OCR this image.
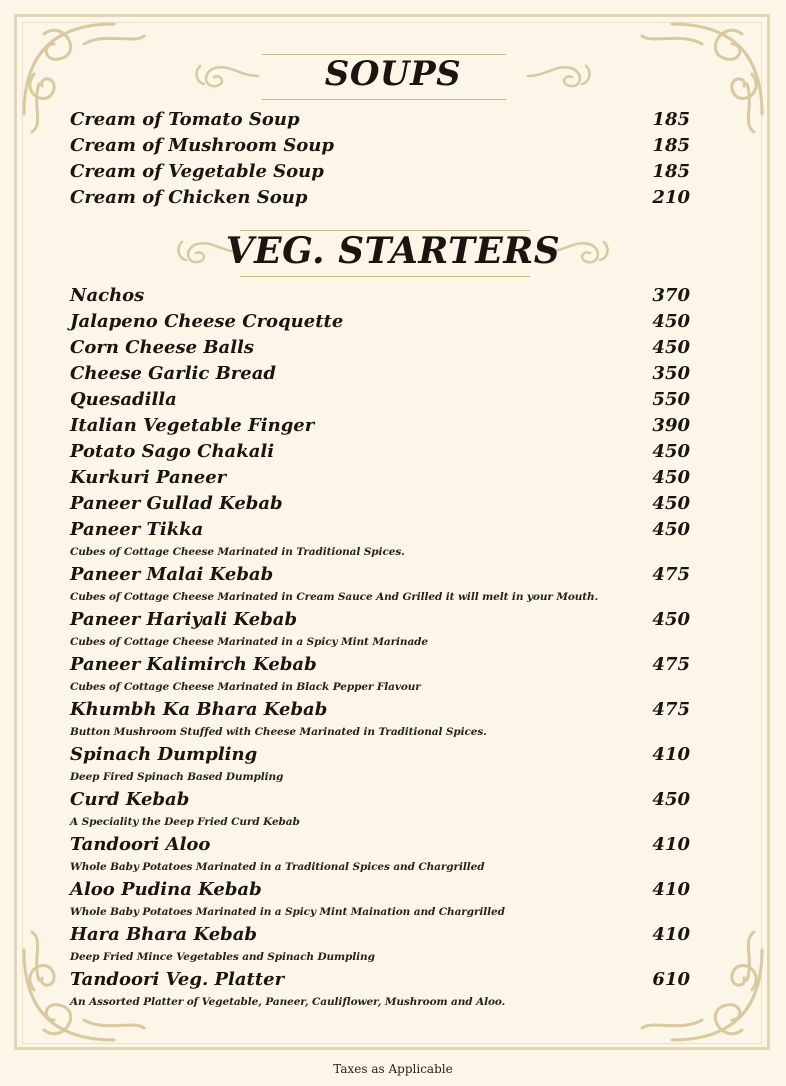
SOUPS
Cream of Tomato Soup	185
Cream of Mushroom Soup	185
Cream of Vegetable Soup	185
Cream of Chicken Soup	210
VEG. STARTERS
Nachos	370
Jalapeno Cheese Croquette	450
Corn Cheese Balls	450
Cheese Garlic Bread	350
Quesadilla	550
Italian Vegetable Finger	390
Potato Sago Chakali	450
Kurkuri Paneer	450
Paneer Gullad Kebab	450
Paneer Tikka	450
Cubes of Cottage Cheese Marinated in Traditional Spices.
Paneer Malai Kebab	475
Cubes of Cottage Cheese Marinated in Cream Sauce And Grilled it will melt in your Mouth.
Paneer Hariyali Kebab	450
Cubes of Cottage Cheese Marinated in a Spicy Mint Marinade
Paneer Kalimirch Kebab	475
Cubes of Cottage Cheese Marinated in Black Pepper Flavour
Khumbh Ka Bhara Kebab	475
Button Mushroom Stuffed with Cheese Marinated in Traditional Spices.
Spinach Dumpling	410
Deep Fired Spinach Based Dumpling
Curd Kebab	450
A Speciality the Deep Fried Curd Kebab
Tandoori Aloo	410
Whole Baby Potatoes Marinated in a Traditional Spices and Chargrilled
Aloo Pudina Kebab	410
Whole Baby Potatoes Marinated in a Spicy Mint Maination and Chargrilled
Hara Bhara Kebab	410
Deep Fried Mince Vegetables and Spinach Dumpling
Tandoori Veg. Platter	610
An Assorted Platter of Vegetable, Paneer, Cauliflower, Mushroom and Aloo.
Taxes as Applicable
